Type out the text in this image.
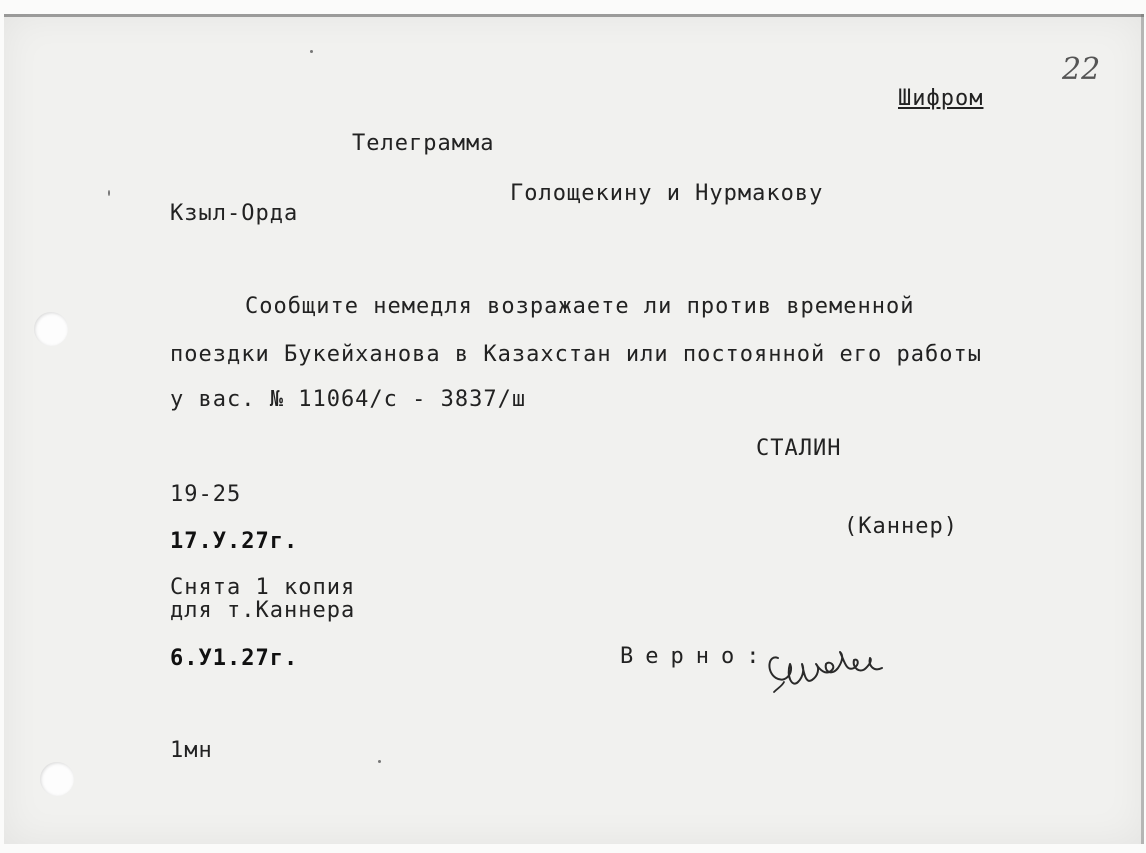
22
Шифром
Телеграмма
Голощекину и Нурмакову
Кзыл-Орда
Сообщите немедля возражаете ли против временной
поездки Букейханова в Казахстан или постоянной его работы
у вас. № 11064/с - 3837/ш
СТАЛИН
19-25
17.У.27г.
(Каннер)
Снята 1 копия
для т.Каннера
6.У1.27г.	Верно:
1мн
